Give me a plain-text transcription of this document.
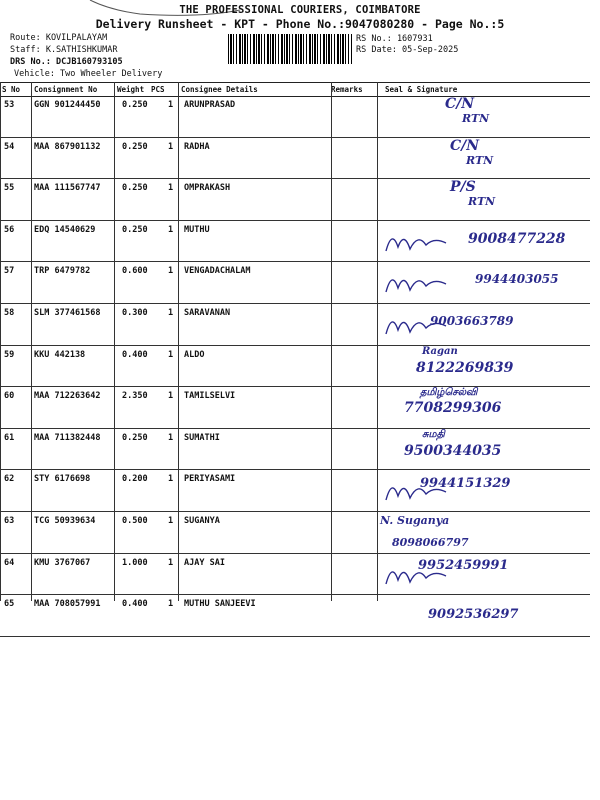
THE PROFESSIONAL COURIERS, COIMBATORE
Delivery Runsheet - KPT - Phone No.:9047080280 - Page No.:5
Route: KOVILPALAYAM
Staff: K.SATHISHKUMAR
DRS No.: DCJB160793105
Vehicle: Two Wheeler Delivery
RS No.: 1607931
RS Date: 05-Sep-2025
S No Consignment No	Weight PCS Consignee Details	Remarks	Seal & Signature
53 GGN 901244450	0.250 1 ARUNPRASAD	C/N
RTN
54 MAA 867901132	0.250 1 RADHA	C/N
RTN
55 MAA 111567747	0.250 1 OMPRAKASH	P/S
RTN
56 EDQ 14540629	0.250 1 MUTHU
9008477228
57 TRP 6479782	0.600 1 VENGADACHALAM
9944403055
58 SLM 377461568	0.300 1 SARAVANAN
9003663789
59 KKU 442138	0.400 1 ALDO	Ragan
8122269839
60 MAA 712263642	2.350 1 TAMILSELVI	தமிழ்செல்வி
7708299306
61 MAA 711382448	0.250 1 SUMATHI	சுமதி
9500344035
62 STY 6176698	0.200 1 PERIYASAMI	9944151329
63 TCG 50939634	0.500 1 SUGANYA	N. Suganya
8098066797
64 KMU 3767067	1.000 1 AJAY SAI	9952459991
65 MAA 708057991	0.400 1 MUTHU SANJEEVI
9092536297
